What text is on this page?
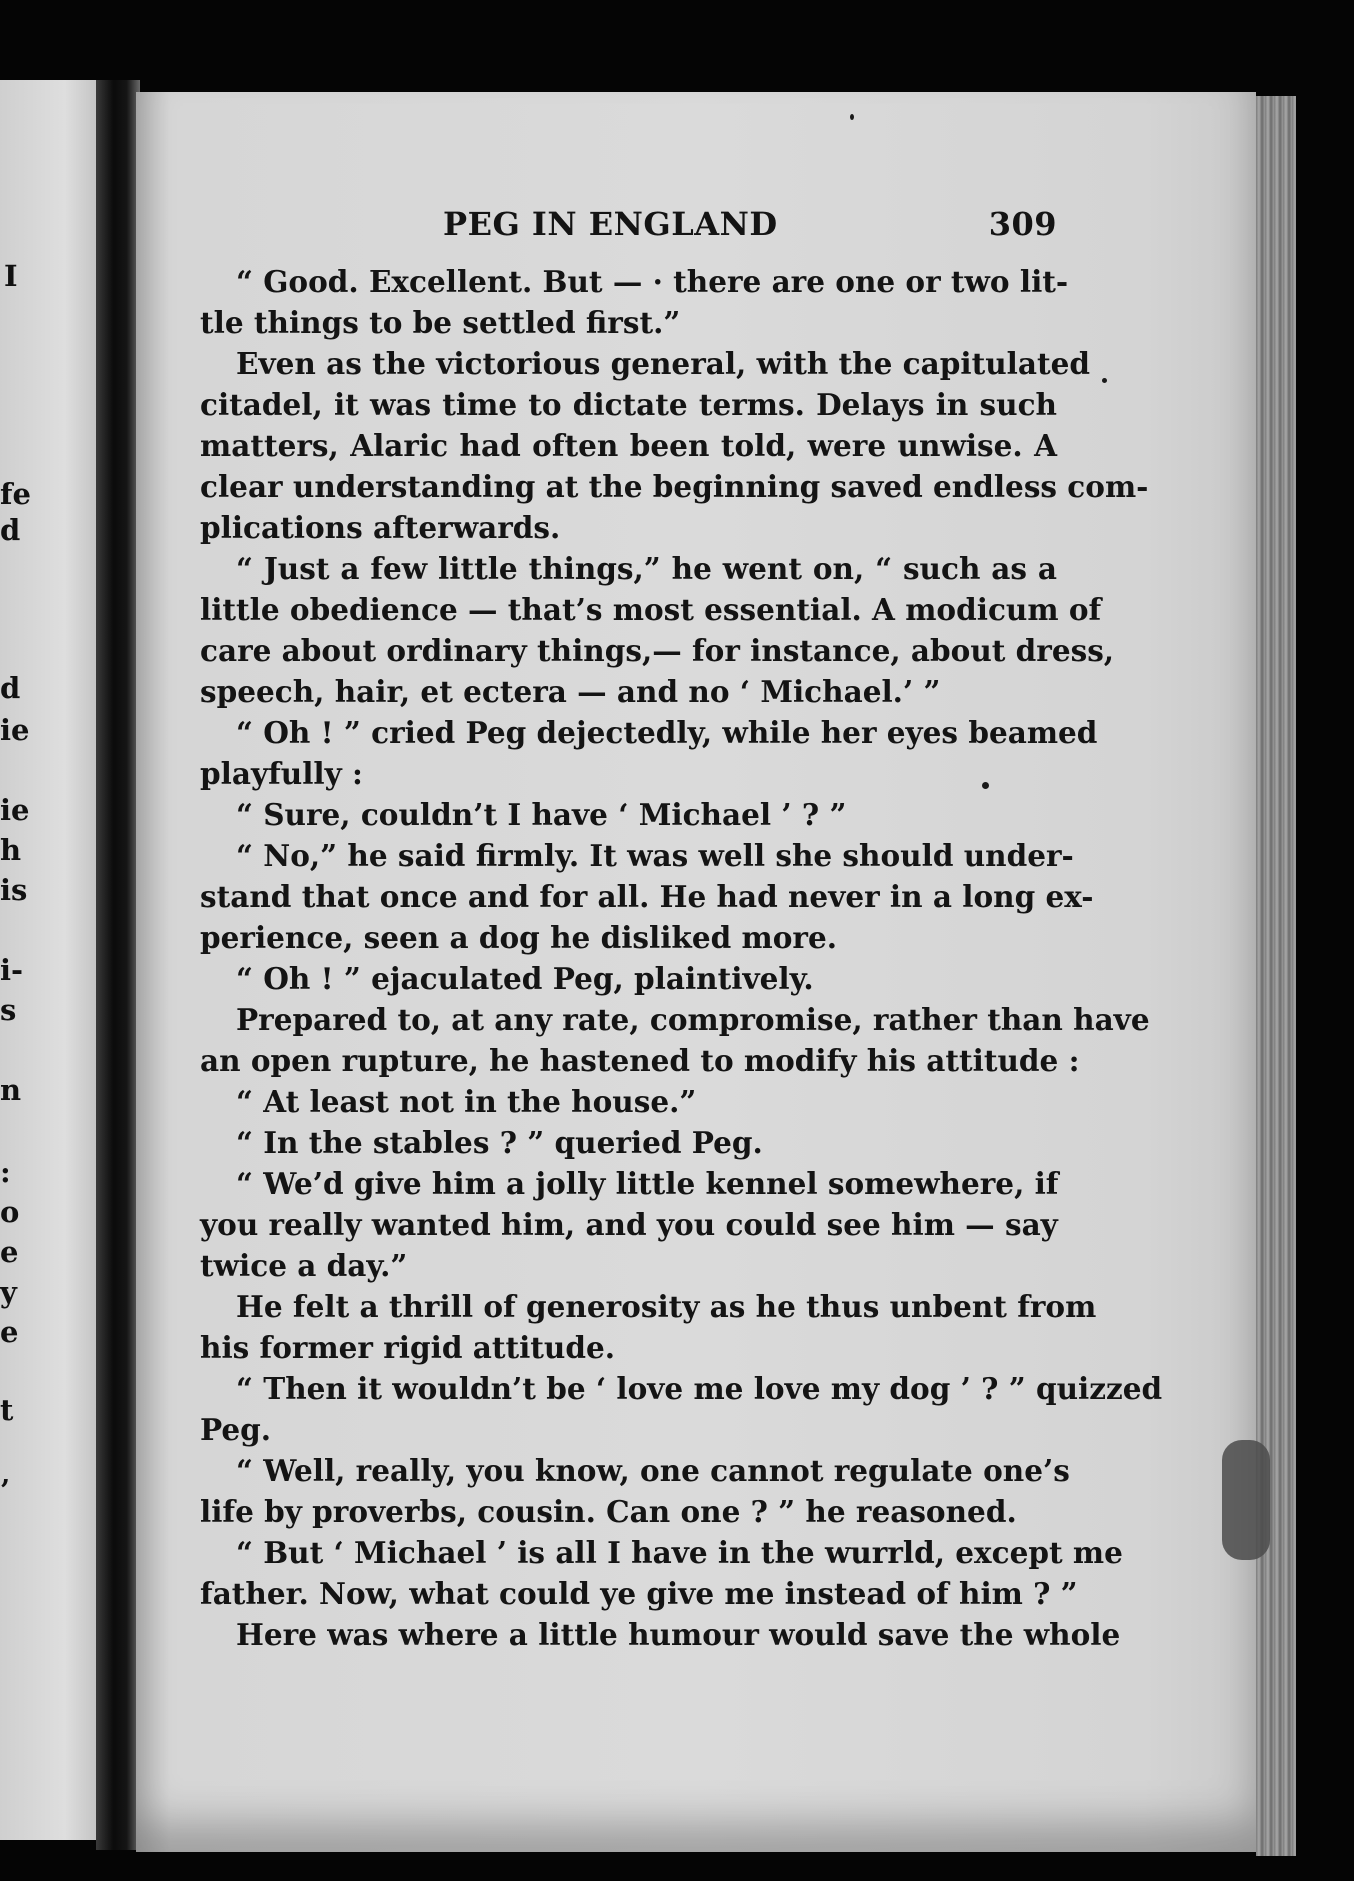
I
fe
d
d
ie
ie
h
is
i-
s
n
:
o
e
y
e
t
’
PEG IN ENGLAND	309
“ Good. Excellent. But — · there are one or two lit-
tle things to be settled first.”
Even as the victorious general, with the capitulated
citadel, it was time to dictate terms. Delays in such
matters, Alaric had often been told, were unwise. A
clear understanding at the beginning saved endless com-
plications afterwards.
“ Just a few little things,” he went on, “ such as a
little obedience — that’s most essential. A modicum of
care about ordinary things,— for instance, about dress,
speech, hair, et ectera — and no ‘ Michael.’ ”
“ Oh ! ” cried Peg dejectedly, while her eyes beamed
playfully :
“ Sure, couldn’t I have ‘ Michael ’ ? ”
“ No,” he said firmly. It was well she should under-
stand that once and for all. He had never in a long ex-
perience, seen a dog he disliked more.
“ Oh ! ” ejaculated Peg, plaintively.
Prepared to, at any rate, compromise, rather than have
an open rupture, he hastened to modify his attitude :
“ At least not in the house.”
“ In the stables ? ” queried Peg.
“ We’d give him a jolly little kennel somewhere, if
you really wanted him, and you could see him — say
twice a day.”
He felt a thrill of generosity as he thus unbent from
his former rigid attitude.
“ Then it wouldn’t be ‘ love me love my dog ’ ? ” quizzed
Peg.
“ Well, really, you know, one cannot regulate one’s
life by proverbs, cousin. Can one ? ” he reasoned.
“ But ‘ Michael ’ is all I have in the wurrld, except me
father. Now, what could ye give me instead of him ? ”
Here was where a little humour would save the whole
